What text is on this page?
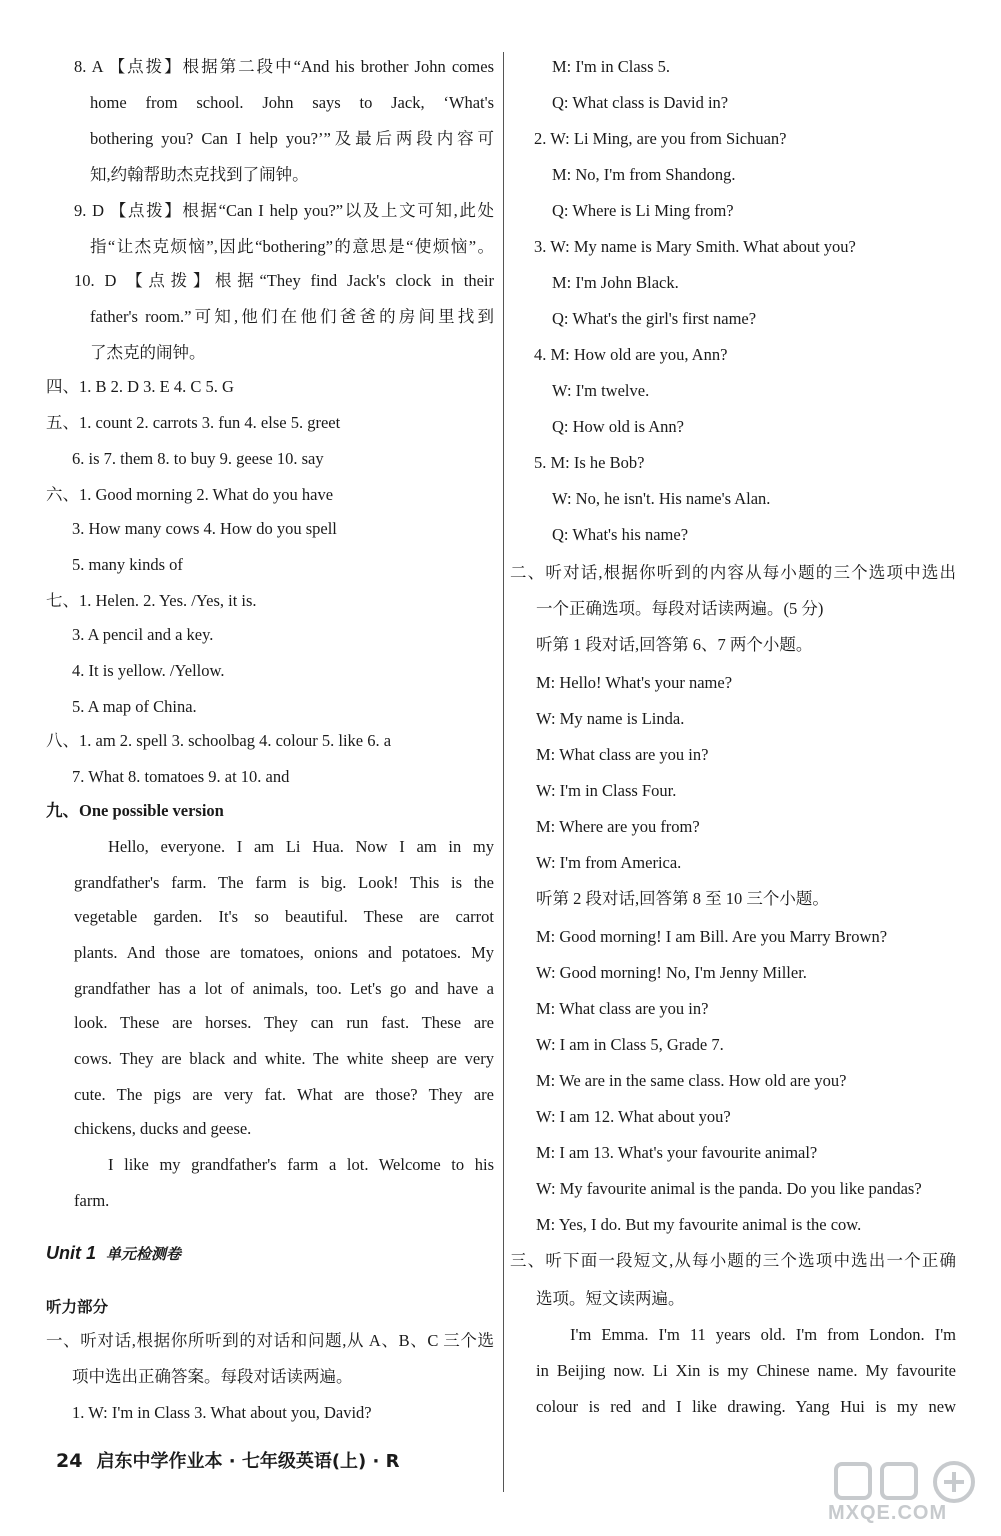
8. A 【点拨】根据第二段中“And his brother John comes
home from school. John says to Jack, ‘What's
bothering you? Can I help you?’”及最后两段内容可
知,约翰帮助杰克找到了闹钟。
9. D 【点拨】根据“Can I help you?”以及上文可知,此处
指“让杰克烦恼”,因此“bothering”的意思是“使烦恼”。
10. D 【点拨】根据“They find Jack's clock in their
father's room.”可知,他们在他们爸爸的房间里找到
了杰克的闹钟。
四、1. B 2. D 3. E 4. C 5. G
五、1. count 2. carrots 3. fun 4. else 5. greet
6. is 7. them 8. to buy 9. geese 10. say
六、1. Good morning 2. What do you have
3. How many cows 4. How do you spell
5. many kinds of
七、1. Helen. 2. Yes. /Yes, it is.
3. A pencil and a key.
4. It is yellow. /Yellow.
5. A map of China.
八、1. am 2. spell 3. schoolbag 4. colour 5. like 6. a
7. What 8. tomatoes 9. at 10. and
九、One possible version
Hello, everyone. I am Li Hua. Now I am in my
grandfather's farm. The farm is big. Look! This is the
vegetable garden. It's so beautiful. These are carrot
plants. And those are tomatoes, onions and potatoes. My
grandfather has a lot of animals, too. Let's go and have a
look. These are horses. They can run fast. These are
cows. They are black and white. The white sheep are very
cute. The pigs are very fat. What are those? They are
chickens, ducks and geese.
I like my grandfather's farm a lot. Welcome to his
farm.
Unit 1 单元检测卷
听力部分
一、听对话,根据你所听到的对话和问题,从 A、B、C 三个选
项中选出正确答案。每段对话读两遍。
1. W: I'm in Class 3. What about you, David?
M: I'm in Class 5.
Q: What class is David in?
2. W: Li Ming, are you from Sichuan?
M: No, I'm from Shandong.
Q: Where is Li Ming from?
3. W: My name is Mary Smith. What about you?
M: I'm John Black.
Q: What's the girl's first name?
4. M: How old are you, Ann?
W: I'm twelve.
Q: How old is Ann?
5. M: Is he Bob?
W: No, he isn't. His name's Alan.
Q: What's his name?
二、听对话,根据你听到的内容从每小题的三个选项中选出
一个正确选项。每段对话读两遍。(5 分)
听第 1 段对话,回答第 6、7 两个小题。
M: Hello! What's your name?
W: My name is Linda.
M: What class are you in?
W: I'm in Class Four.
M: Where are you from?
W: I'm from America.
听第 2 段对话,回答第 8 至 10 三个小题。
M: Good morning! I am Bill. Are you Marry Brown?
W: Good morning! No, I'm Jenny Miller.
M: What class are you in?
W: I am in Class 5, Grade 7.
M: We are in the same class. How old are you?
W: I am 12. What about you?
M: I am 13. What's your favourite animal?
W: My favourite animal is the panda. Do you like pandas?
M: Yes, I do. But my favourite animal is the cow.
三、听下面一段短文,从每小题的三个选项中选出一个正确
选项。短文读两遍。
I'm Emma. I'm 11 years old. I'm from London. I'm
in Beijing now. Li Xin is my Chinese name. My favourite
colour is red and I like drawing. Yang Hui is my new
24 启东中学作业本 · 七年级英语(上) · R
MXQE.COM
